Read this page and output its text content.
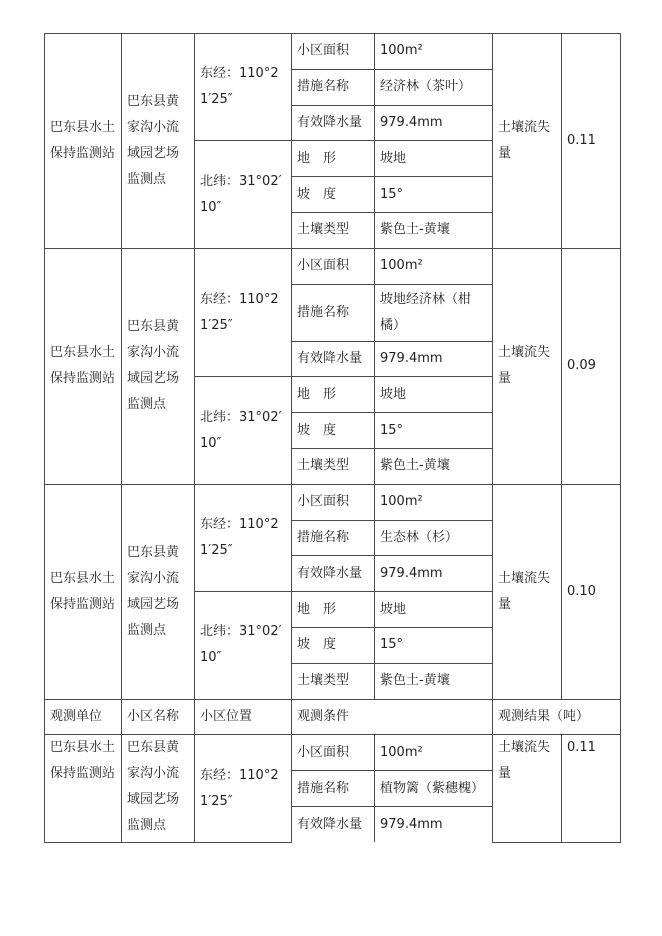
巴东县水土保持监测站	巴东县黄家沟小流域园艺场监测点	东经：110°21′25″	小区面积	100m²	土壤流失量	0.11
			措施名称	经济林（茶叶）		
			有效降水量	979.4mm		
		北纬：31°02′10″	地　形	坡地		
			坡　度	15°		
			土壤类型	紫色土-黄壤		
巴东县水土保持监测站	巴东县黄家沟小流域园艺场监测点	东经：110°21′25″	小区面积	100m²	土壤流失量	0.09
			措施名称	坡地经济林（柑橘）		
			有效降水量	979.4mm		
		北纬：31°02′10″	地　形	坡地		
			坡　度	15°		
			土壤类型	紫色土-黄壤		
巴东县水土保持监测站	巴东县黄家沟小流域园艺场监测点	东经：110°21′25″	小区面积	100m²	土壤流失量	0.10
			措施名称	生态林（杉）		
			有效降水量	979.4mm		
		北纬：31°02′10″	地　形	坡地		
			坡　度	15°		
			土壤类型	紫色土-黄壤		
观测单位	小区名称	小区位置	观测条件		观测结果（吨）	
巴东县水土保持监测站	巴东县黄家沟小流域园艺场监测点	东经：110°21′25″	小区面积	100m²	土壤流失量	0.11
			措施名称	植物篱（紫穗槐）		
			有效降水量	979.4mm		
